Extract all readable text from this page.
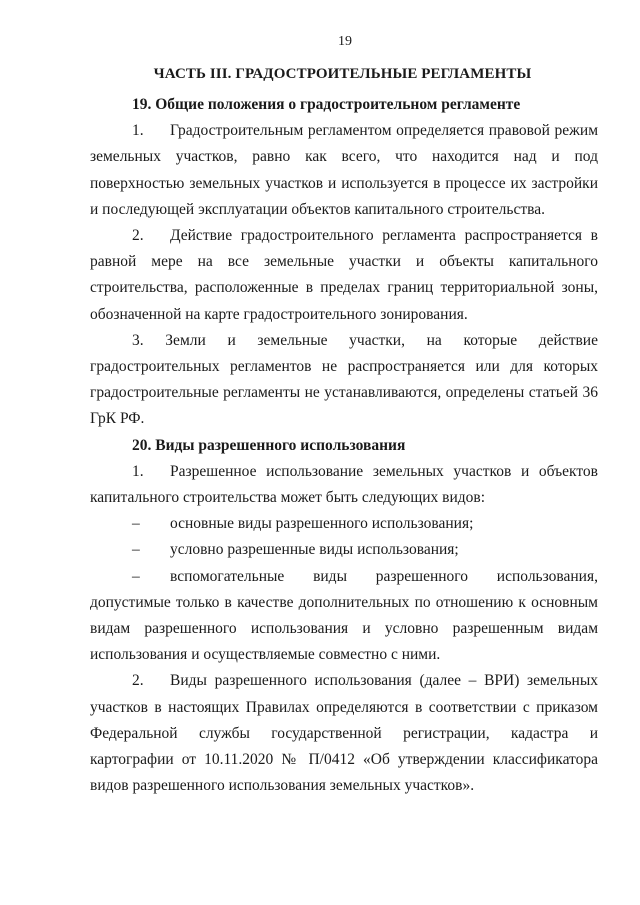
19
ЧАСТЬ III. ГРАДОСТРОИТЕЛЬНЫЕ РЕГЛАМЕНТЫ

19. Общие положения о градостроительном регламенте

1. Градостроительным регламентом определяется правовой режим земельных участков, равно как всего, что находится над и под поверхностью земельных участков и используется в процессе их застройки и последующей эксплуатации объектов капитального строительства.

2. Действие градостроительного регламента распространяется в равной мере на все земельные участки и объекты капитального строительства, расположенные в пределах границ территориальной зоны, обозначенной на карте градостроительного зонирования.

3. Земли и земельные участки, на которые действие градостроительных регламентов не распространяется или для которых градостроительные регламенты не устанавливаются, определены статьей 36 ГрК РФ.

20. Виды разрешенного использования

1. Разрешенное использование земельных участков и объектов капитального строительства может быть следующих видов:

– основные виды разрешенного использования;

– условно разрешенные виды использования;

– вспомогательные виды разрешенного использования, допустимые только в качестве дополнительных по отношению к основным видам разрешенного использования и условно разрешенным видам использования и осуществляемые совместно с ними.

2. Виды разрешенного использования (далее – ВРИ) земельных участков в настоящих Правилах определяются в соответствии с приказом Федеральной службы государственной регистрации, кадастра и картографии от 10.11.2020 № П/0412 «Об утверждении классификатора видов разрешенного использования земельных участков».
